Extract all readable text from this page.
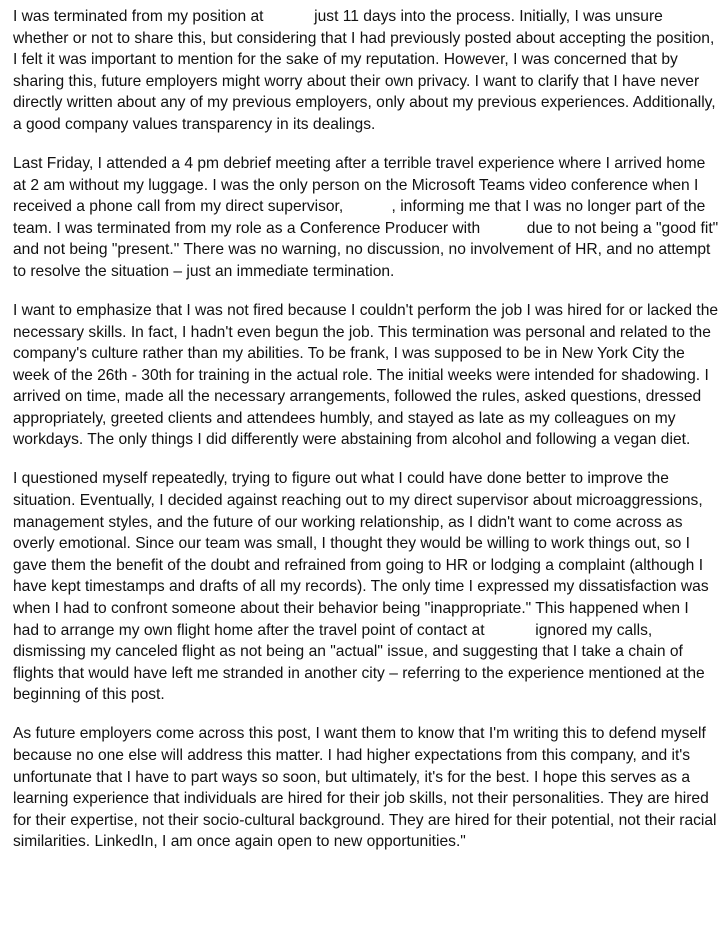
I was terminated from my position at	just 11 days into the process. Initially, I was unsure whether or not to share this, but considering that I had previously posted about accepting the position, I felt it was important to mention for the sake of my reputation. However, I was concerned that by sharing this, future employers might worry about their own privacy. I want to clarify that I have never directly written about any of my previous employers, only about my previous experiences. Additionally, a good company values transparency in its dealings.

Last Friday, I attended a 4 pm debrief meeting after a terrible travel experience where I arrived home at 2 am without my luggage. I was the only person on the Microsoft Teams video conference when I received a phone call from my direct supervisor,	, informing me that I was no longer part of the team. I was terminated from my role as a Conference Producer with  due to not being a "good fit" and not being "present." There was no warning, no discussion, no involvement of HR, and no attempt to resolve the situation – just an immediate termination.

I want to emphasize that I was not fired because I couldn't perform the job I was hired for or lacked the necessary skills. In fact, I hadn't even begun the job. This termination was personal and related to the company's culture rather than my abilities. To be frank, I was supposed to be in New York City the week of the 26th - 30th for training in the actual role. The initial weeks were intended for shadowing. I arrived on time, made all the necessary arrangements, followed the rules, asked questions, dressed appropriately, greeted clients and attendees humbly, and stayed as late as my colleagues on my workdays. The only things I did differently were abstaining from alcohol and following a vegan diet.

I questioned myself repeatedly, trying to figure out what I could have done better to improve the situation. Eventually, I decided against reaching out to my direct supervisor about microaggressions, management styles, and the future of our working relationship, as I didn't want to come across as overly emotional. Since our team was small, I thought they would be willing to work things out, so I gave them the benefit of the doubt and refrained from going to HR or lodging a complaint (although I have kept timestamps and drafts of all my records). The only time I expressed my dissatisfaction was when I had to confront someone about their behavior being "inappropriate." This happened when I had to arrange my own flight home after the travel point of contact at	ignored my calls, dismissing my canceled flight as not being an "actual" issue, and suggesting that I take a chain of flights that would have left me stranded in another city – referring to the experience mentioned at the beginning of this post.

As future employers come across this post, I want them to know that I'm writing this to defend myself because no one else will address this matter. I had higher expectations from this company, and it's unfortunate that I have to part ways so soon, but ultimately, it's for the best. I hope this serves as a learning experience that individuals are hired for their job skills, not their personalities. They are hired for their expertise, not their socio-cultural background. They are hired for their potential, not their racial similarities. LinkedIn, I am once again open to new opportunities."
